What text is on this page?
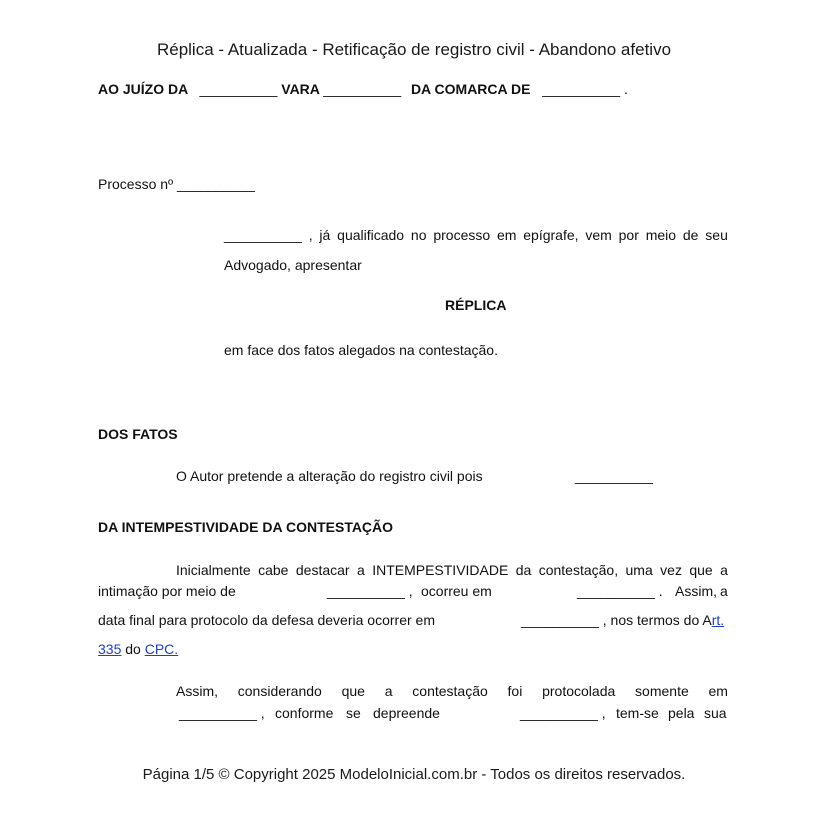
Réplica - Atualizada - Retificação de registro civil - Abandono afetivo
AO JUÍZO DA __________ VARA __________ DA COMARCA DE __________ .
Processo nº __________
__________ , já qualificado no processo em epígrafe, vem por meio de seu
Advogado, apresentar
RÉPLICA
em face dos fatos alegados na contestação.
DOS FATOS
O Autor pretende a alteração do registro civil pois	__________
DA INTEMPESTIVIDADE DA CONTESTAÇÃO
Inicialmente cabe destacar a INTEMPESTIVIDADE da contestação, uma vez que a
intimação por meio de	__________ , ocorreu em	__________ . Assim, a
data final para protocolo da defesa deveria ocorrer em	__________ , nos termos do Art.
335 do CPC.
Assim, considerando que a contestação foi protocolada somente em
__________ , conforme se depreende	__________ , tem-se pela sua
Página 1/5 © Copyright 2025 ModeloInicial.com.br - Todos os direitos reservados.
